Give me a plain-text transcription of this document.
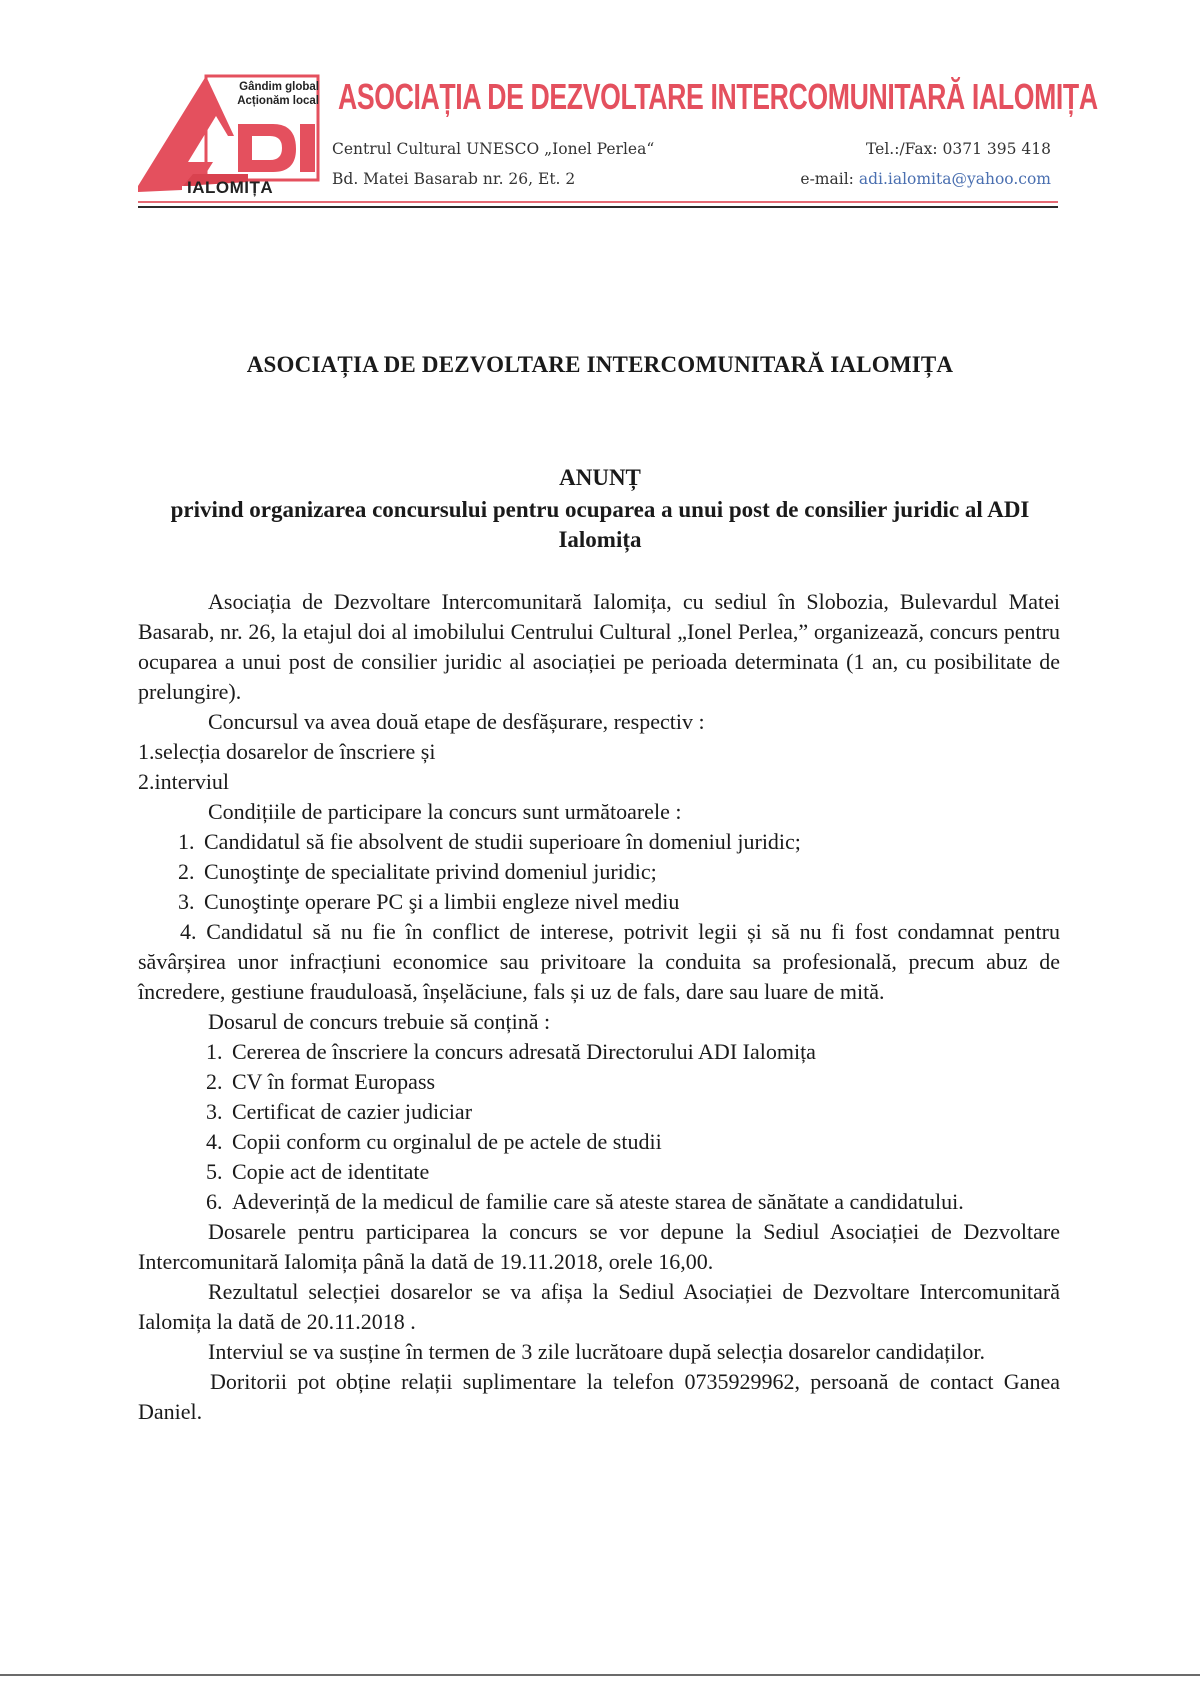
Gândim global
Acționăm local
IALOMIȚA
ASOCIAȚIA DE DEZVOLTARE INTERCOMUNITARĂ IALOMIȚA
Centrul Cultural UNESCO „Ionel Perlea“
Bd. Matei Basarab nr. 26, Et. 2
Tel.:/Fax: 0371 395 418
e-mail: adi.ialomita@yahoo.com
ASOCIAȚIA DE DEZVOLTARE INTERCOMUNITARĂ IALOMIȚA
ANUNȚ
privind organizarea concursului pentru ocuparea a unui post de consilier juridic al ADI Ialomița

Asociația de Dezvoltare Intercomunitară Ialomița, cu sediul în Slobozia, Bulevardul Matei Basarab, nr. 26, la etajul doi al imobilului Centrului Cultural „Ionel Perlea,” organizează, concurs pentru ocuparea a unui post de consilier juridic al asociației pe perioada determinata (1 an, cu posibilitate de prelungire).

Concursul va avea două etape de desfășurare, respectiv :

1.selecția dosarelor de înscriere și

2.interviul

Condițiile de participare la concurs sunt următoarele :

1. Candidatul să fie absolvent de studii superioare în domeniul juridic;
2. Cunoştinţe de specialitate privind domeniul juridic;
3. Cunoştinţe operare PC şi a limbii engleze nivel mediu

4. Candidatul să nu fie în conflict de interese, potrivit legii și să nu fi fost condamnat pentru săvârșirea unor infracțiuni economice sau privitoare la conduita sa profesională, precum abuz de încredere, gestiune frauduloasă, înșelăciune, fals și uz de fals, dare sau luare de mită.

Dosarul de concurs trebuie să conțină :

1. Cererea de înscriere la concurs adresată Directorului ADI Ialomița
2. CV în format Europass
3. Certificat de cazier judiciar
4. Copii conform cu orginalul de pe actele de studii
5. Copie act de identitate
6. Adeverință de la medicul de familie care să ateste starea de sănătate a candidatului.

Dosarele pentru participarea la concurs se vor depune la Sediul Asociației de Dezvoltare Intercomunitară Ialomița până la dată de 19.11.2018, orele 16,00.

Rezultatul selecției dosarelor se va afișa la Sediul Asociației de Dezvoltare Intercomunitară Ialomița la dată de 20.11.2018 .

Interviul se va susține în termen de 3 zile lucrătoare după selecția dosarelor candidaților.

Doritorii pot obține relații suplimentare la telefon 0735929962, persoană de contact Ganea Daniel.
